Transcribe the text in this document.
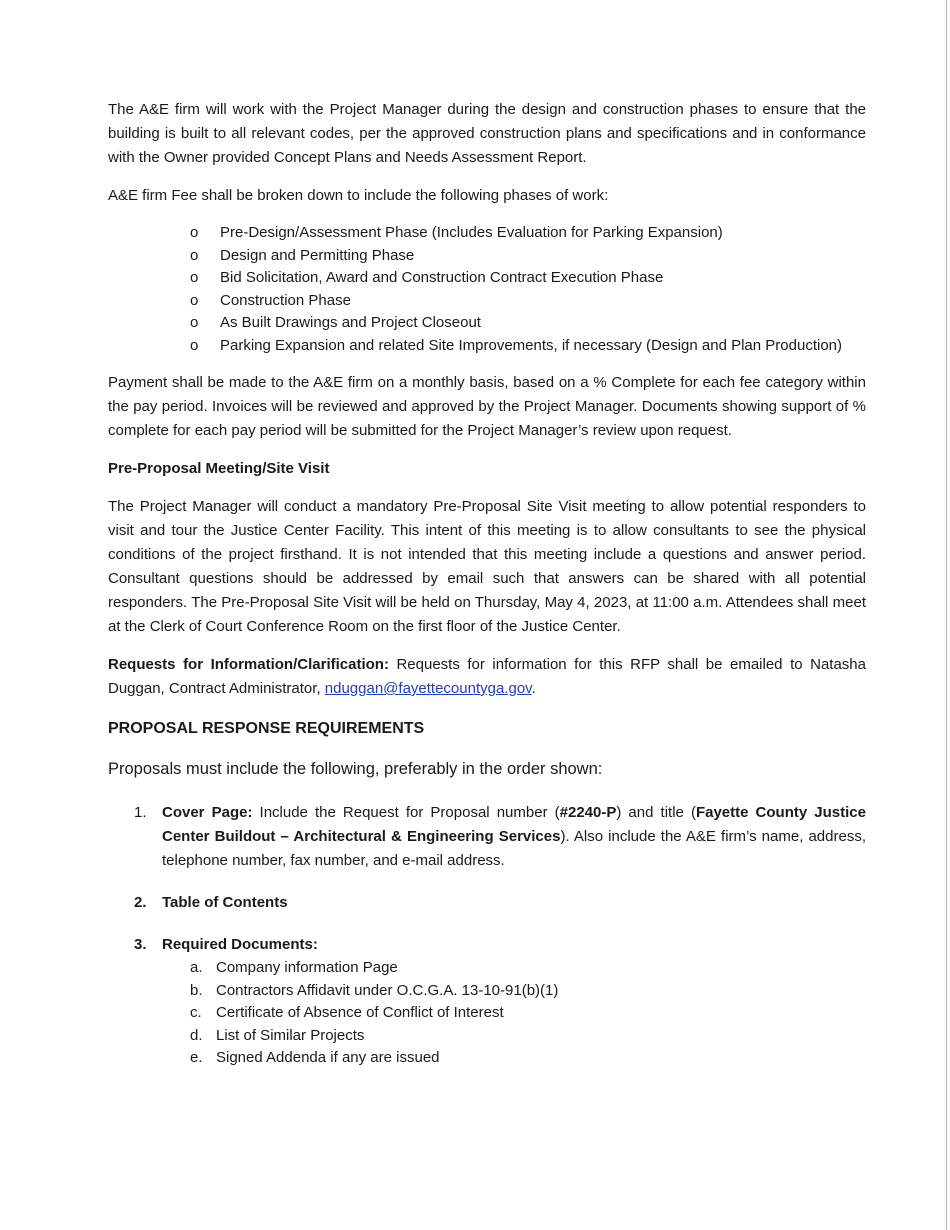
The A&E firm will work with the Project Manager during the design and construction phases to ensure that the building is built to all relevant codes, per the approved construction plans and specifications and in conformance with the Owner provided Concept Plans and Needs Assessment Report.

A&E firm Fee shall be broken down to include the following phases of work:

o Pre-Design/Assessment Phase (Includes Evaluation for Parking Expansion)
o Design and Permitting Phase
o Bid Solicitation, Award and Construction Contract Execution Phase
o Construction Phase
o As Built Drawings and Project Closeout
o Parking Expansion and related Site Improvements, if necessary (Design and Plan Production)

Payment shall be made to the A&E firm on a monthly basis, based on a % Complete for each fee category within the pay period. Invoices will be reviewed and approved by the Project Manager. Documents showing support of % complete for each pay period will be submitted for the Project Manager’s review upon request.

Pre-Proposal Meeting/Site Visit

The Project Manager will conduct a mandatory Pre-Proposal Site Visit meeting to allow potential responders to visit and tour the Justice Center Facility. This intent of this meeting is to allow consultants to see the physical conditions of the project firsthand. It is not intended that this meeting include a questions and answer period. Consultant questions should be addressed by email such that answers can be shared with all potential responders. The Pre-Proposal Site Visit will be held on Thursday, May 4, 2023, at 11:00 a.m. Attendees shall meet at the Clerk of Court Conference Room on the first floor of the Justice Center.

Requests for Information/Clarification: Requests for information for this RFP shall be emailed to Natasha Duggan, Contract Administrator, nduggan@fayettecountyga.gov.

PROPOSAL RESPONSE REQUIREMENTS

Proposals must include the following, preferably in the order shown:

1. Cover Page: Include the Request for Proposal number (#2240-P) and title (Fayette County Justice Center Buildout – Architectural & Engineering Services). Also include the A&E firm’s name, address, telephone number, fax number, and e-mail address.

2. Table of Contents

3. Required Documents:

a. Company information Page
b. Contractors Affidavit under O.C.G.A. 13-10-91(b)(1)
c. Certificate of Absence of Conflict of Interest
d. List of Similar Projects
e. Signed Addenda if any are issued
